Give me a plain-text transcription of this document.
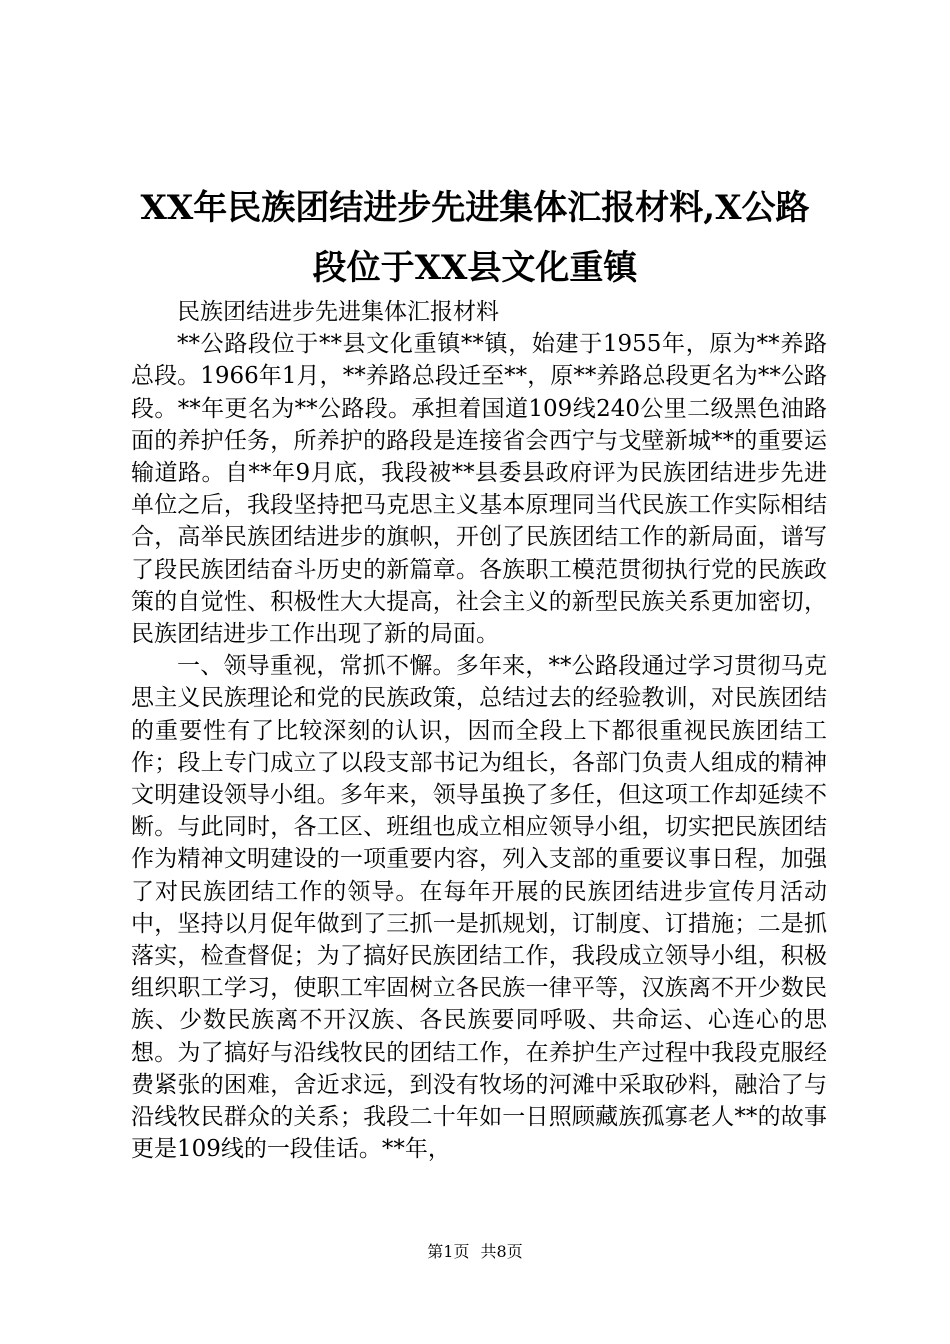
XX年民族团结进步先进集体汇报材料,X公路
段位于XX县文化重镇

民族团结进步先进集体汇报材料

**公路段位于**县文化重镇**镇，始建于1955年，原为**养路总段。1966年1月，**养路总段迁至**，原**养路总段更名为**公路段。**年更名为**公路段。承担着国道109线240公里二级黑色油路面的养护任务，所养护的路段是连接省会西宁与戈壁新城**的重要运输道路。自**年9月底，我段被**县委县政府评为民族团结进步先进单位之后，我段坚持把马克思主义基本原理同当代民族工作实际相结合，高举民族团结进步的旗帜，开创了民族团结工作的新局面，谱写了段民族团结奋斗历史的新篇章。各族职工模范贯彻执行党的民族政策的自觉性、积极性大大提高，社会主义的新型民族关系更加密切，民族团结进步工作出现了新的局面。

一、领导重视，常抓不懈。多年来，**公路段通过学习贯彻马克思主义民族理论和党的民族政策，总结过去的经验教训，对民族团结的重要性有了比较深刻的认识，因而全段上下都很重视民族团结工作；段上专门成立了以段支部书记为组长，各部门负责人组成的精神文明建设领导小组。多年来，领导虽换了多任，但这项工作却延续不断。与此同时，各工区、班组也成立相应领导小组，切实把民族团结作为精神文明建设的一项重要内容，列入支部的重要议事日程，加强了对民族团结工作的领导。在每年开展的民族团结进步宣传月活动中，坚持以月促年做到了三抓一是抓规划，订制度、订措施；二是抓落实，检查督促；为了搞好民族团结工作，我段成立领导小组，积极组织职工学习，使职工牢固树立各民族一律平等，汉族离不开少数民族、少数民族离不开汉族、各民族要同呼吸、共命运、心连心的思想。为了搞好与沿线牧民的团结工作，在养护生产过程中我段克服经费紧张的困难，舍近求远，到没有牧场的河滩中采取砂料，融洽了与沿线牧民群众的关系；我段二十年如一日照顾藏族孤寡老人**的故事更是109线的一段佳话。**年，

第1页 共8页
